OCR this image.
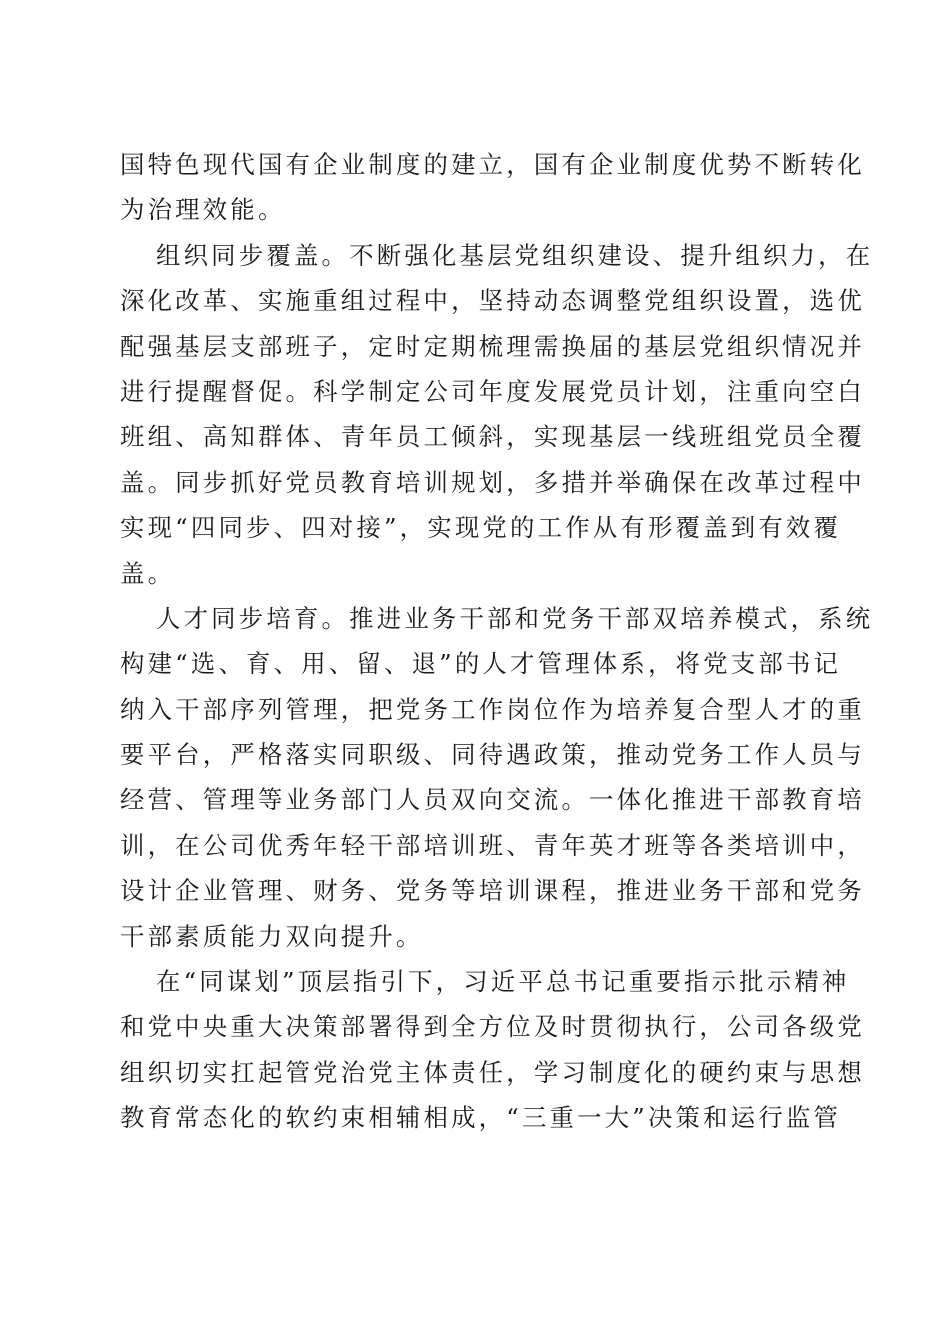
国特色现代国有企业制度的建立，国有企业制度优势不断转化
为治理效能。
组织同步覆盖。不断强化基层党组织建设、提升组织力，在
深化改革、实施重组过程中，坚持动态调整党组织设置，选优
配强基层支部班子，定时定期梳理需换届的基层党组织情况并
进行提醒督促。科学制定公司年度发展党员计划，注重向空白
班组、高知群体、青年员工倾斜，实现基层一线班组党员全覆
盖。同步抓好党员教育培训规划，多措并举确保在改革过程中
实现“四同步、四对接”，实现党的工作从有形覆盖到有效覆
盖。
人才同步培育。推进业务干部和党务干部双培养模式，系统
构建“选、育、用、留、退”的人才管理体系，将党支部书记
纳入干部序列管理，把党务工作岗位作为培养复合型人才的重
要平台，严格落实同职级、同待遇政策，推动党务工作人员与
经营、管理等业务部门人员双向交流。一体化推进干部教育培
训，在公司优秀年轻干部培训班、青年英才班等各类培训中，
设计企业管理、财务、党务等培训课程，推进业务干部和党务
干部素质能力双向提升。
在“同谋划”顶层指引下，习近平总书记重要指示批示精神
和党中央重大决策部署得到全方位及时贯彻执行，公司各级党
组织切实扛起管党治党主体责任，学习制度化的硬约束与思想
教育常态化的软约束相辅相成，“三重一大”决策和运行监管
